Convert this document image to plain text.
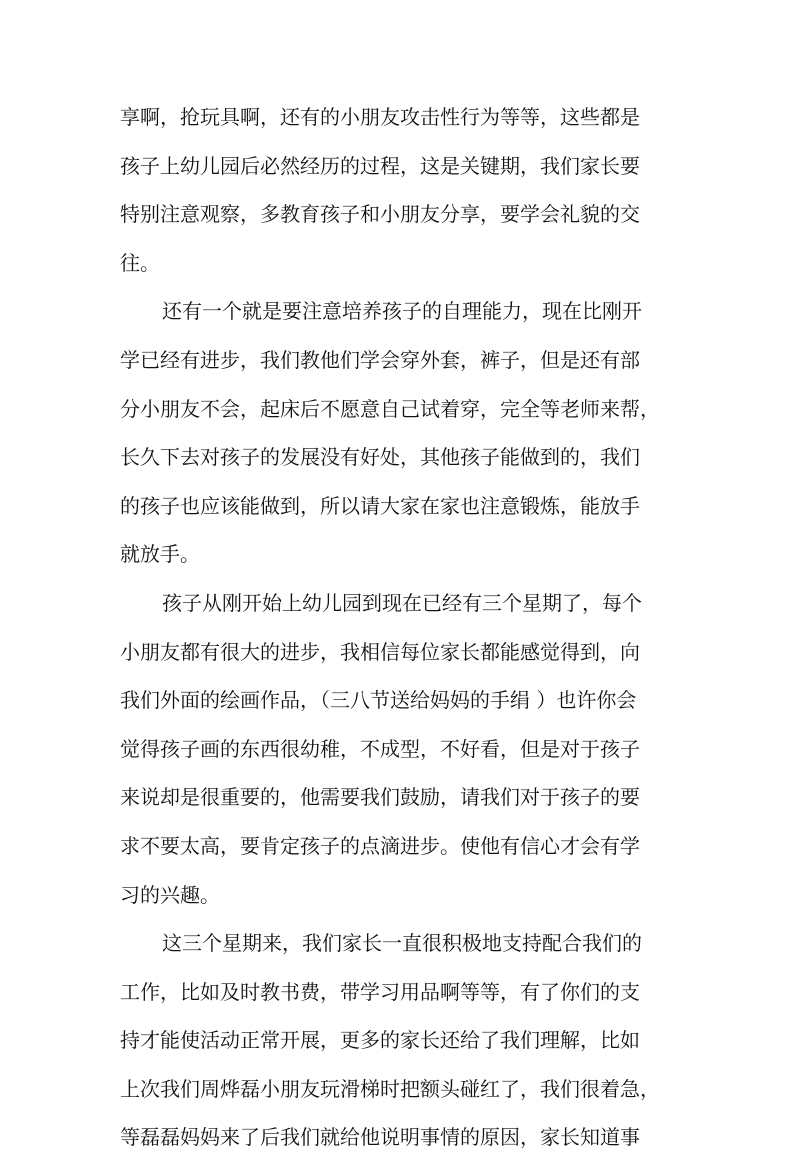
享啊，抢玩具啊，还有的小朋友攻击性行为等等，这些都是
孩子上幼儿园后必然经历的过程，这是关键期，我们家长要
特别注意观察，多教育孩子和小朋友分享，要学会礼貌的交
往。
还有一个就是要注意培养孩子的自理能力，现在比刚开
学已经有进步，我们教他们学会穿外套，裤子，但是还有部
分小朋友不会，起床后不愿意自己试着穿，完全等老师来帮，
长久下去对孩子的发展没有好处，其他孩子能做到的，我们
的孩子也应该能做到，所以请大家在家也注意锻炼，能放手
就放手。
孩子从刚开始上幼儿园到现在已经有三个星期了，每个
小朋友都有很大的进步，我相信每位家长都能感觉得到，向
我们外面的绘画作品，（三八节送给妈妈的手绢 ）也许你会
觉得孩子画的东西很幼稚，不成型，不好看，但是对于孩子
来说却是很重要的，他需要我们鼓励，请我们对于孩子的要
求不要太高，要肯定孩子的点滴进步。使他有信心才会有学
习的兴趣。
这三个星期来，我们家长一直很积极地支持配合我们的
工作，比如及时教书费，带学习用品啊等等，有了你们的支
持才能使活动正常开展，更多的家长还给了我们理解，比如
上次我们周烨磊小朋友玩滑梯时把额头碰红了，我们很着急，
等磊磊妈妈来了后我们就给他说明事情的原因，家长知道事
